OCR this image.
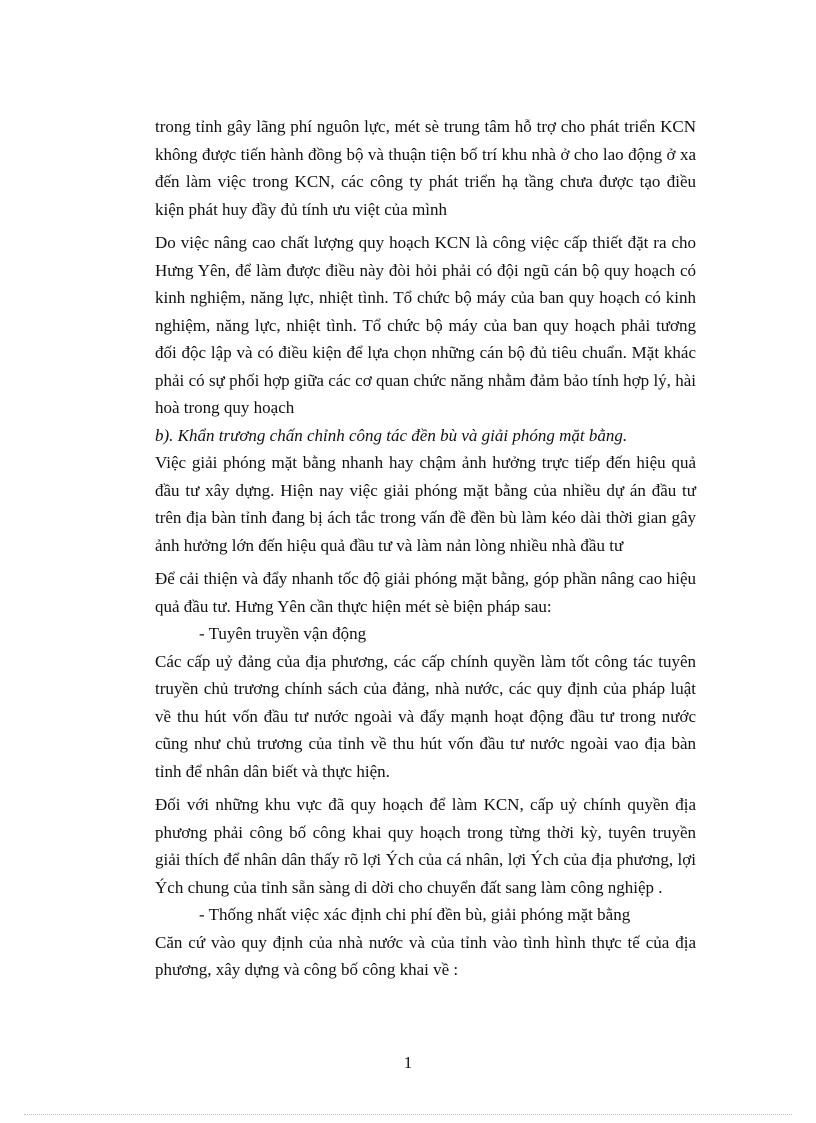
trong tỉnh gây lãng phí nguôn lực, mét sè trung tâm hỗ trợ cho phát triển KCN không được tiến hành đồng bộ và thuận tiện bố trí khu nhà ở cho lao động ở xa đến làm việc trong KCN, các công ty phát triển hạ tầng chưa được tạo điều kiện phát huy đầy đủ tính ưu việt của mình

Do việc nâng cao chất lượng quy hoạch KCN là công việc cấp thiết đặt ra cho Hưng Yên, để làm được điều này đòi hỏi phải có đội ngũ cán bộ quy hoạch có kinh nghiệm, năng lực, nhiệt tình. Tổ chức bộ máy của ban quy hoạch có kinh nghiệm, năng lực, nhiệt tình. Tổ chức bộ máy của ban quy hoạch phải tương đối độc lập và có điều kiện để lựa chọn những cán bộ đủ tiêu chuẩn. Mặt khác phải có sự phối hợp giữa các cơ quan chức năng nhằm đảm bảo tính hợp lý, hài hoà trong quy hoạch

b). Khẩn trương chấn chỉnh công tác đền bù và giải phóng mặt bằng.

Việc giải phóng mặt bằng nhanh hay chậm ảnh hưởng trực tiếp đến hiệu quả đầu tư xây dựng. Hiện nay việc giải phóng mặt bằng của nhiều dự án đầu tư trên địa bàn tỉnh đang bị ách tắc trong vấn đề đền bù làm kéo dài thời gian gây ảnh hưởng lớn đến hiệu quả đầu tư và làm nản lòng nhiều nhà đầu tư

Để cải thiện và đẩy nhanh tốc độ giải phóng mặt bằng, góp phần nâng cao hiệu quả đầu tư. Hưng Yên cần thực hiện mét sè biện pháp sau:

- Tuyên truyền vận động

Các cấp uỷ đảng của địa phương, các cấp chính quyền làm tốt công tác tuyên truyền chủ trương chính sách của đảng, nhà nước, các quy định của pháp luật về thu hút vốn đầu tư nước ngoài và đẩy mạnh hoạt động đầu tư trong nước cũng như chủ trương của tỉnh về thu hút vốn đầu tư nước ngoài vao địa bàn tỉnh để nhân dân biết và thực hiện.

Đối với những khu vực đã quy hoạch để làm KCN, cấp uỷ chính quyền địa phương phải công bố công khai quy hoạch trong từng thời kỳ, tuyên truyền giải thích để nhân dân thấy rõ lợi Ých của cá nhân, lợi Ých của địa phương, lợi Ých chung của tỉnh sẵn sàng di dời cho chuyển đất sang làm công nghiệp .

- Thống nhất việc xác định chi phí đền bù, giải phóng mặt bằng

Căn cứ vào quy định của nhà nước và của tỉnh vào tình hình thực tế của địa phương, xây dựng và công bố công khai về :

1
